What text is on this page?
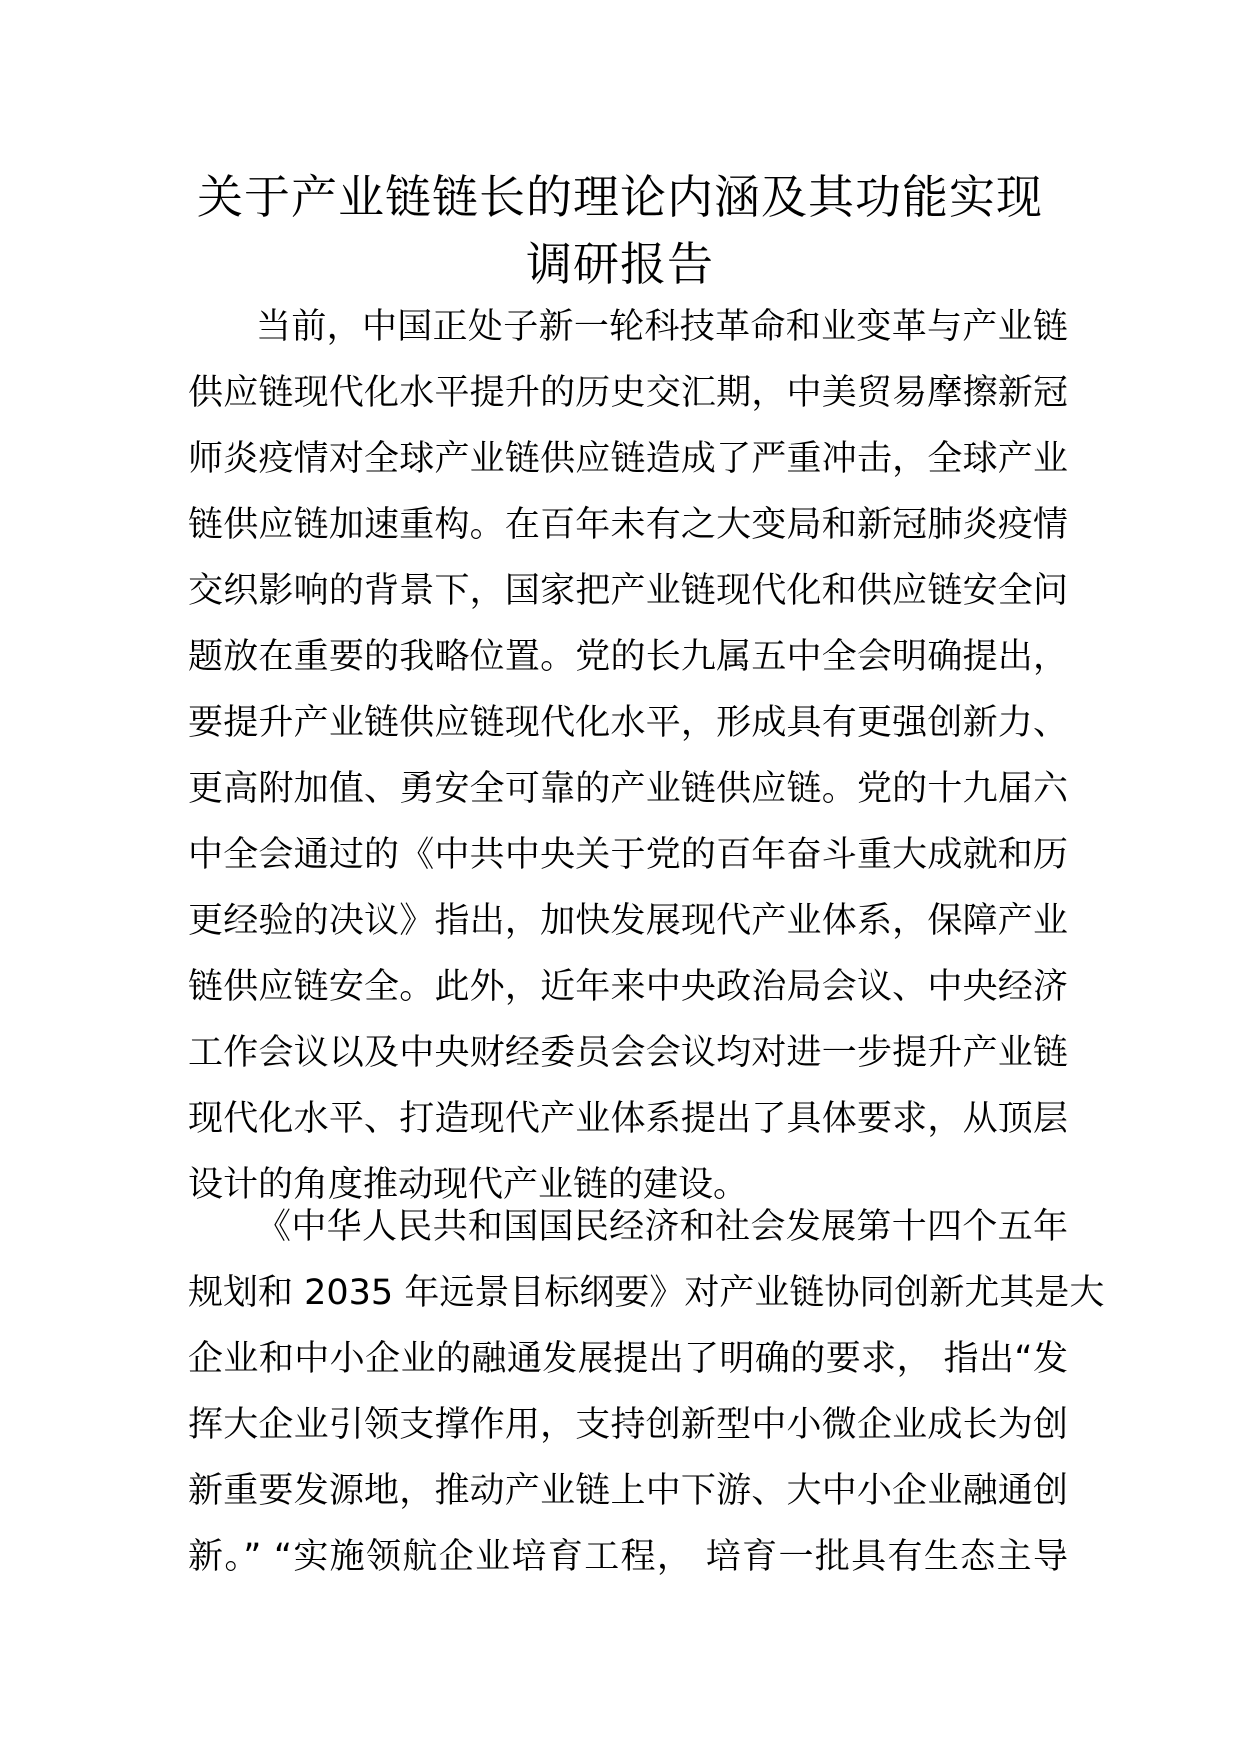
关于产业链链长的理论内涵及其功能实现
调研报告
当前，中国正处子新一轮科技革命和业变革与产业链
供应链现代化水平提升的历史交汇期，中美贸易摩擦新冠
师炎疫情对全球产业链供应链造成了严重冲击，全球产业
链供应链加速重构。在百年未有之大变局和新冠肺炎疫情
交织影响的背景下，国家把产业链现代化和供应链安全问
题放在重要的我略位置。党的长九属五中全会明确提出，
要提升产业链供应链现代化水平，形成具有更强创新力、
更高附加值、勇安全可靠的产业链供应链。党的十九届六
中全会通过的《中共中央关于党的百年奋斗重大成就和历
更经验的决议》指出，加快发展现代产业体系，保障产业
链供应链安全。此外，近年来中央政治局会议、中央经济
工作会议以及中央财经委员会会议均对进一步提升产业链
现代化水平、打造现代产业体系提出了具体要求，从顶层
设计的角度推动现代产业链的建设。
《中华人民共和国国民经济和社会发展第十四个五年
规划和 2035 年远景目标纲要》对产业链协同创新尤其是大
企业和中小企业的融通发展提出了明确的要求， 指出“发
挥大企业引领支撑作用，支持创新型中小微企业成长为创
新重要发源地，推动产业链上中下游、大中小企业融通创
新。” “实施领航企业培育工程， 培育一批具有生态主导
